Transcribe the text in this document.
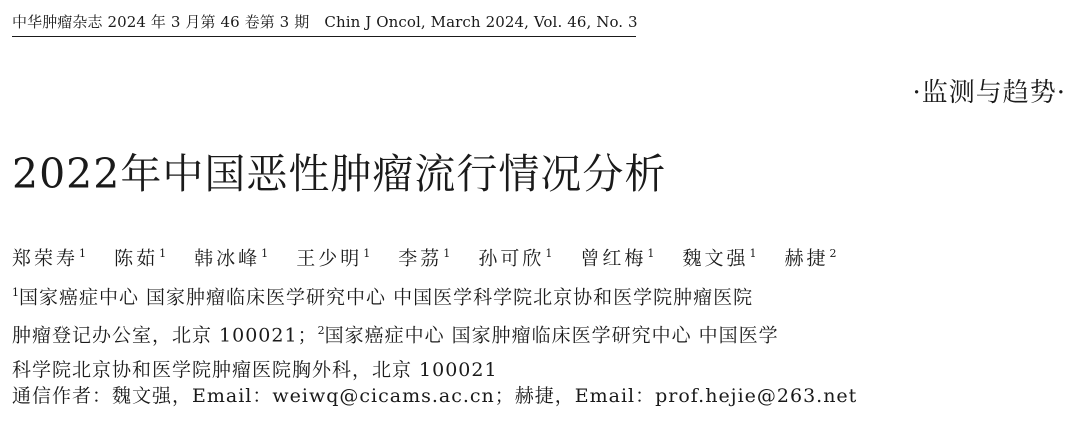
中华肿瘤杂志 2024 年 3 月第 46 卷第 3 期　Chin J Oncol, March 2024, Vol. 46, No. 3
·监测与趋势·
2022年中国恶性肿瘤流行情况分析
郑荣寿$^1$ 陈茹$^1$ 韩冰峰$^1$ 王少明$^1$ 李茘$^1$ 孙可欣$^1$ 曾红梅$^1$ 魏文强$^1$ 赫捷$^2$
$^1$国家癌症中心 国家肿瘤临床医学研究中心 中国医学科学院北京协和医学院肿瘤医院
肿瘤登记办公室，北京 100021；$^2$国家癌症中心 国家肿瘤临床医学研究中心 中国医学
科学院北京协和医学院肿瘤医院胸外科，北京 100021
通信作者：魏文强，Email：weiwq@cicams.ac.cn；赫捷，Email：prof.hejie@263.net
